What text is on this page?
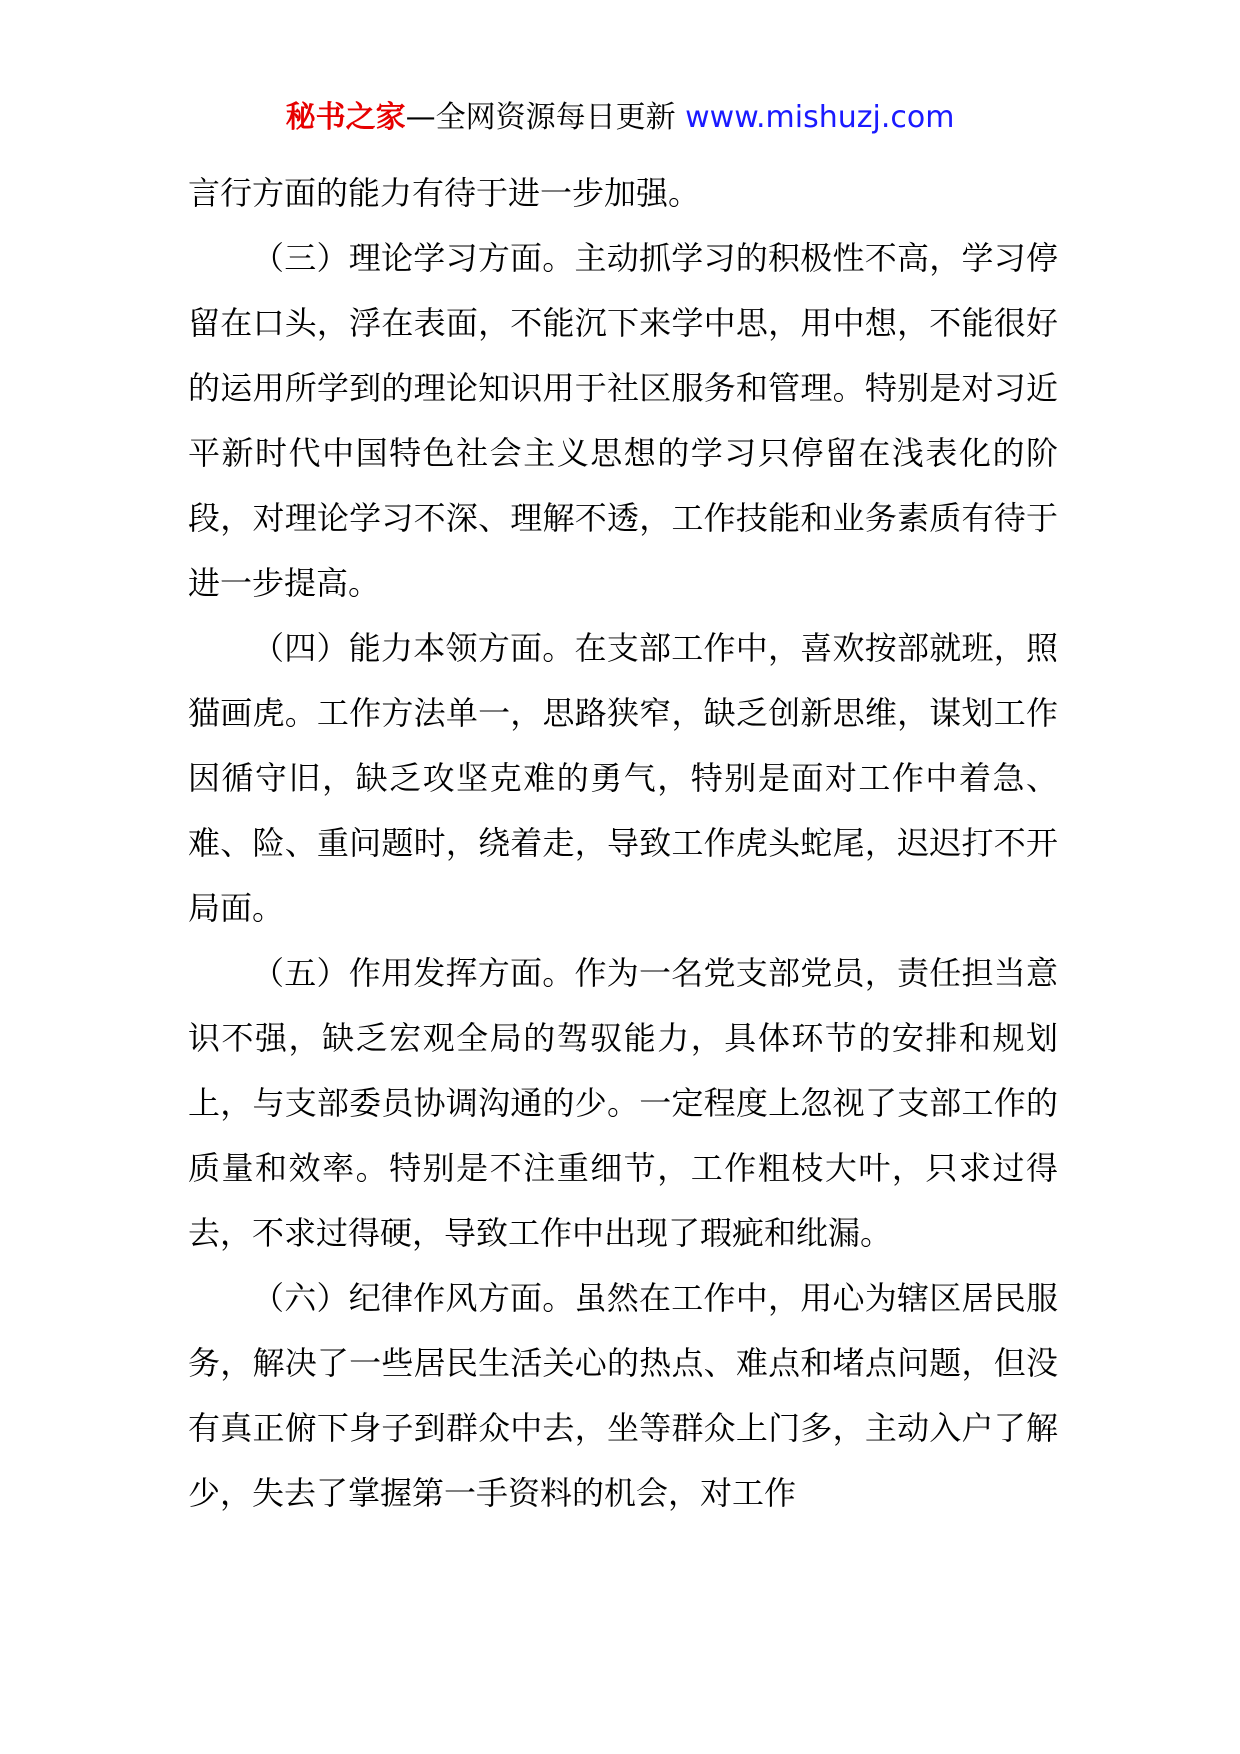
秘书之家—全网资源每日更新 www.mishuzj.com

言行方面的能力有待于进一步加强。

（三）理论学习方面。主动抓学习的积极性不高，学习停留在口头，浮在表面，不能沉下来学中思，用中想，不能很好的运用所学到的理论知识用于社区服务和管理。特别是对习近平新时代中国特色社会主义思想的学习只停留在浅表化的阶段，对理论学习不深、理解不透，工作技能和业务素质有待于进一步提高。

（四）能力本领方面。在支部工作中，喜欢按部就班，照猫画虎。工作方法单一，思路狭窄，缺乏创新思维，谋划工作因循守旧，缺乏攻坚克难的勇气，特别是面对工作中着急、难、险、重问题时，绕着走，导致工作虎头蛇尾，迟迟打不开局面。

（五）作用发挥方面。作为一名党支部党员，责任担当意识不强，缺乏宏观全局的驾驭能力，具体环节的安排和规划上，与支部委员协调沟通的少。一定程度上忽视了支部工作的质量和效率。特别是不注重细节，工作粗枝大叶，只求过得去，不求过得硬，导致工作中出现了瑕疵和纰漏。

（六）纪律作风方面。虽然在工作中，用心为辖区居民服务，解决了一些居民生活关心的热点、难点和堵点问题，但没有真正俯下身子到群众中去，坐等群众上门多，主动入户了解少，失去了掌握第一手资料的机会，对工作
